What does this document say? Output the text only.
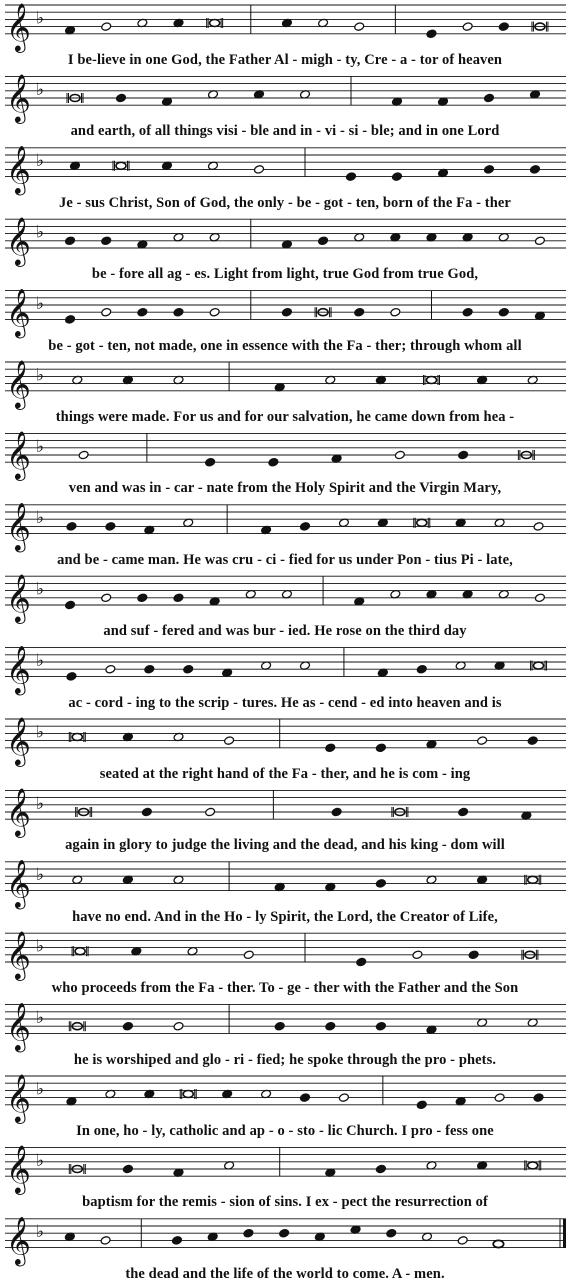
𝄞 ♭
𝄞 ♭
𝄞 ♭
𝄞 ♭
𝄞 ♭
𝄞 ♭
𝄞 ♭
𝄞 ♭
𝄞 ♭
𝄞 ♭
𝄞 ♭
𝄞 ♭
𝄞 ♭
𝄞 ♭
𝄞 ♭
𝄞 ♭
𝄞 ♭
𝄞 ♭
I be-lieve in one God, the Father Al - migh - ty, Cre - a - tor of heaven
and earth, of all things visi - ble and in - vi - si - ble; and in one Lord
Je - sus Christ, Son of God, the only - be - got - ten, born of the Fa - ther
be - fore all ag - es. Light from light, true God from true God,
be - got - ten, not made, one in essence with the Fa - ther; through whom all
things were made. For us and for our salvation, he came down from hea -
ven and was in - car - nate from the Holy Spirit and the Virgin Mary,
and be - came man. He was cru - ci - fied for us under Pon - tius Pi - late,
and suf - fered and was bur - ied. He rose on the third day
ac - cord - ing to the scrip - tures. He as - cend - ed into heaven and is
seated at the right hand of the Fa - ther, and he is com - ing
again in glory to judge the living and the dead, and his king - dom will
have no end. And in the Ho - ly Spirit, the Lord, the Creator of Life,
who proceeds from the Fa - ther. To - ge - ther with the Father and the Son
he is worshiped and glo - ri - fied; he spoke through the pro - phets.
In one, ho - ly, catholic and ap - o - sto - lic Church. I pro - fess one
baptism for the remis - sion of sins. I ex - pect the resurrection of
the dead and the life of the world to come. A - men.
